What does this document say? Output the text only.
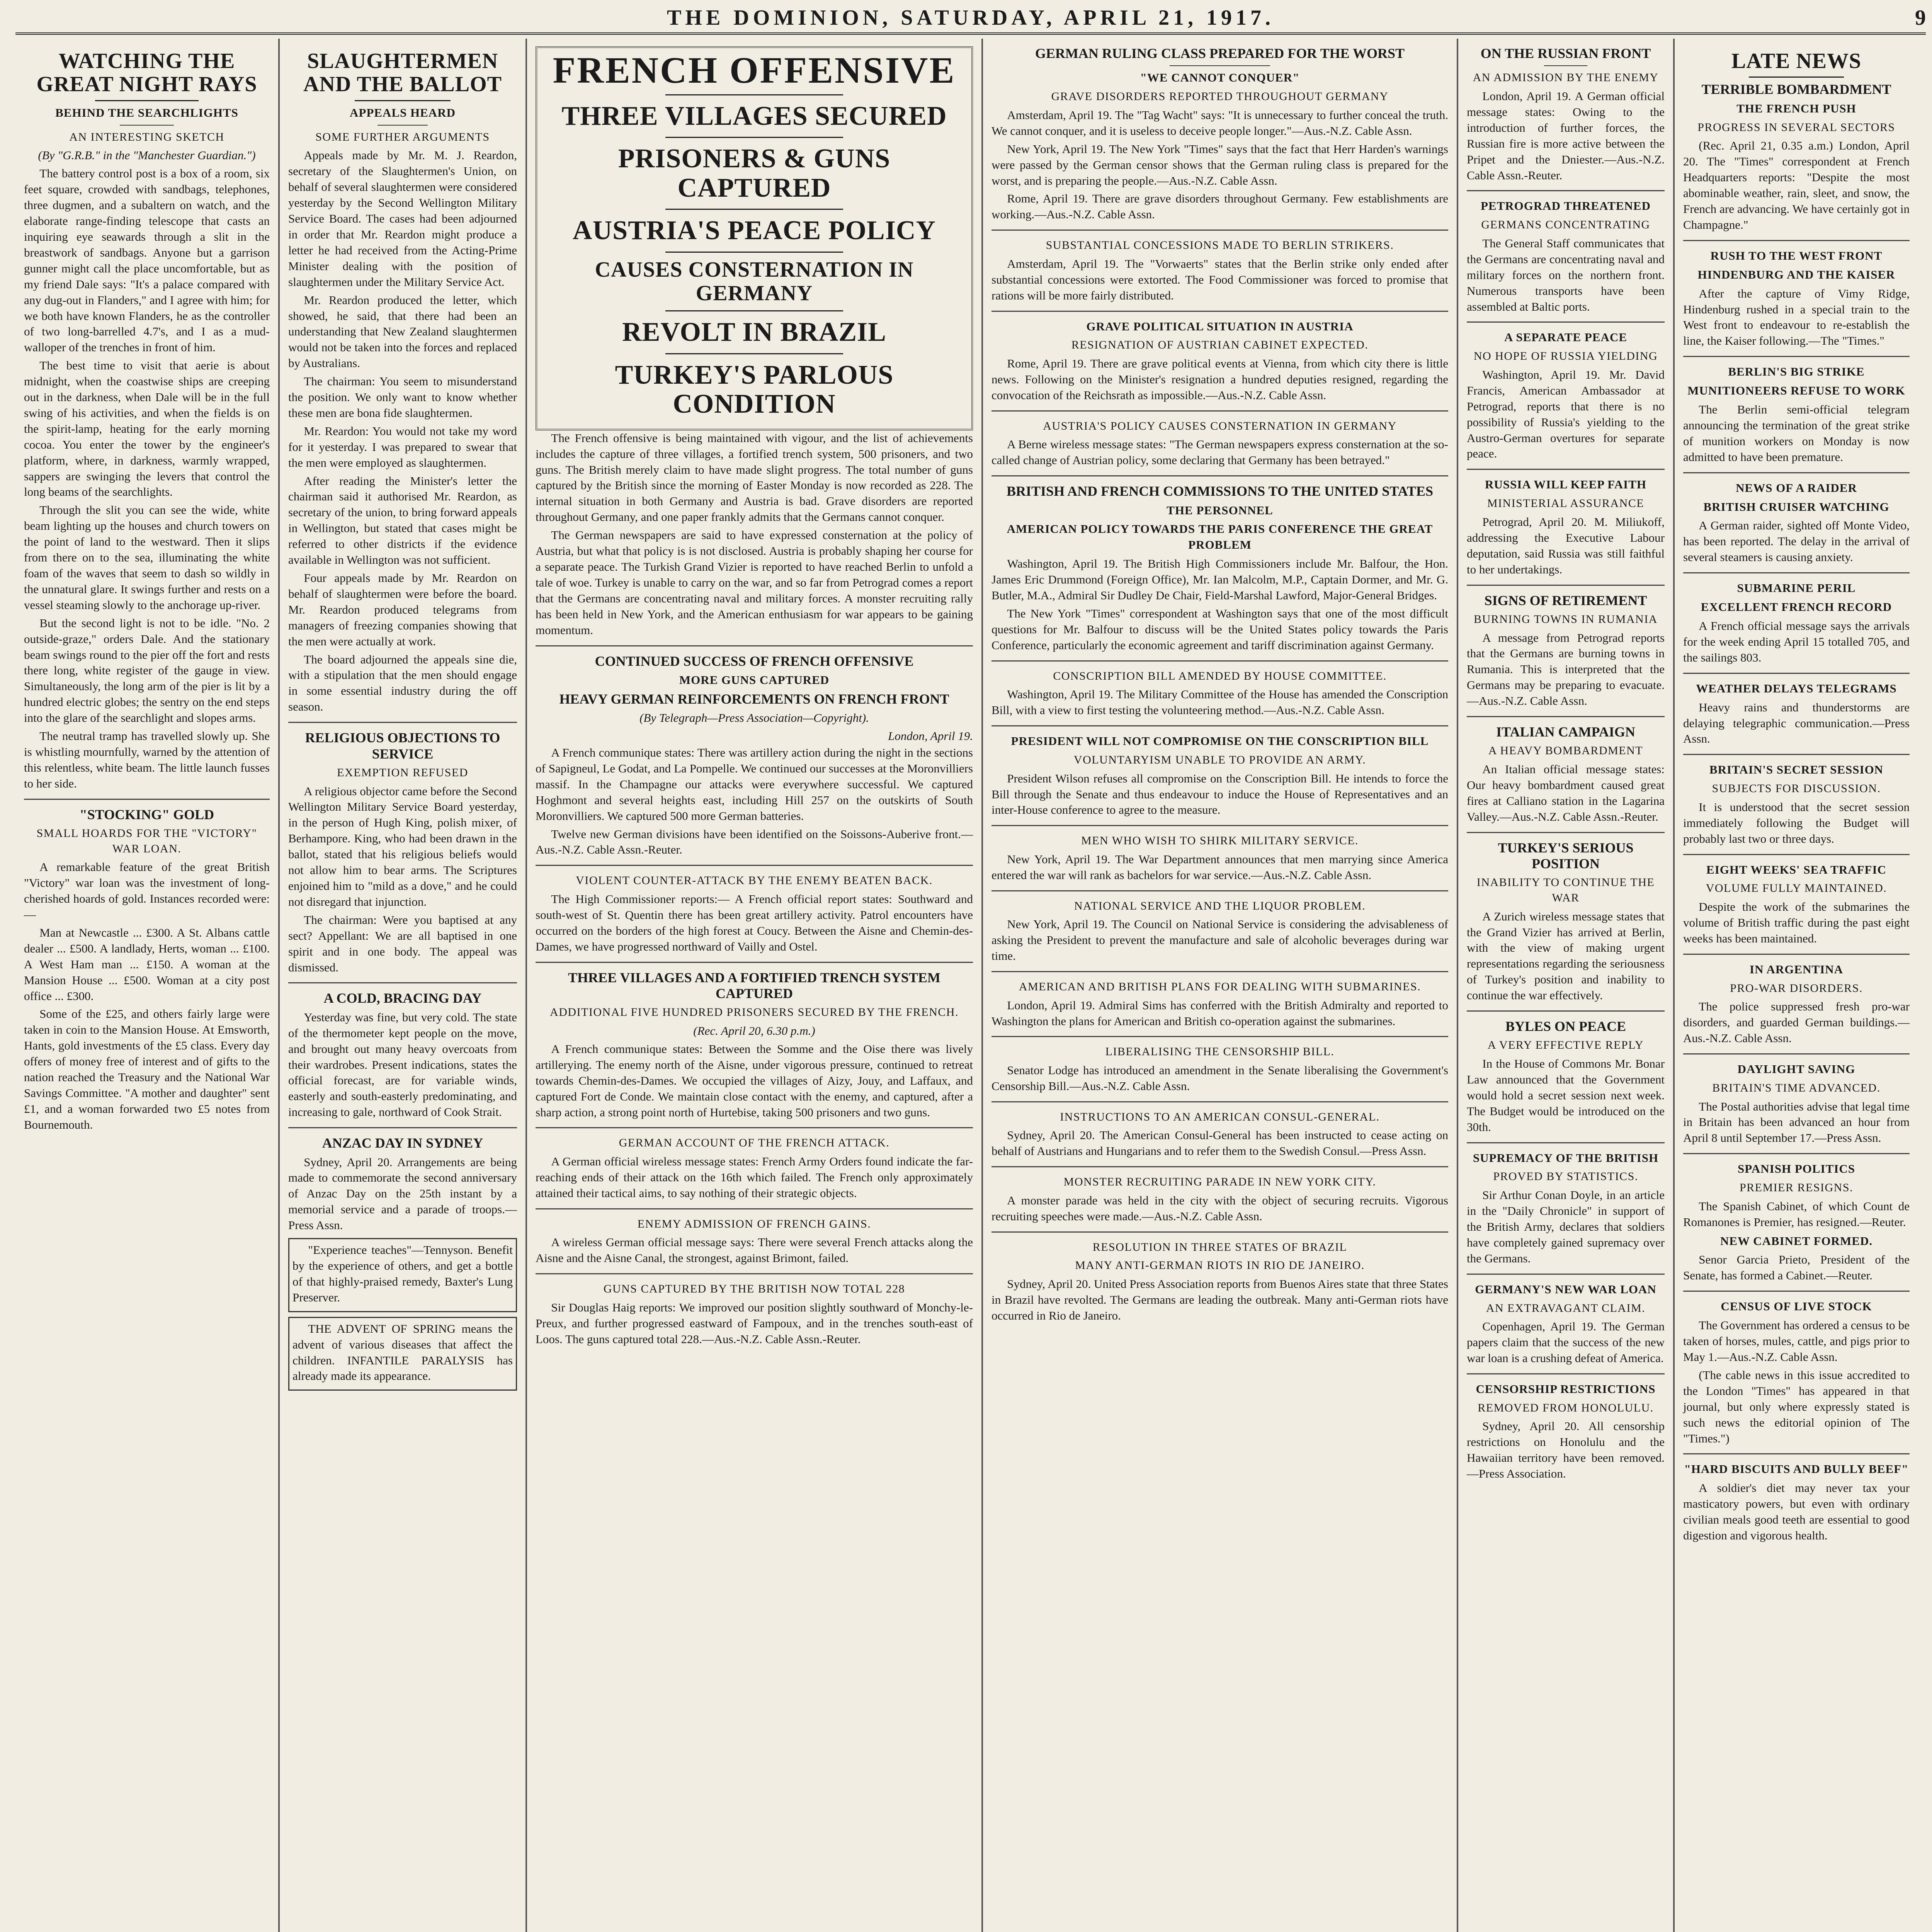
THE DOMINION, SATURDAY, APRIL 21, 1917.	9
WATCHING THE GREAT NIGHT RAYS
BEHIND THE SEARCHLIGHTS
AN INTERESTING SKETCH

(By "G.R.B." in the "Manchester Guardian.")

The battery control post is a box of a room, six feet square, crowded with sandbags, telephones, three dugmen, and a subaltern on watch, and the elaborate range-finding telescope that casts an inquiring eye seawards through a slit in the breastwork of sandbags. Anyone but a garrison gunner might call the place uncomfortable, but as my friend Dale says: "It's a palace compared with any dug-out in Flanders," and I agree with him; for we both have known Flanders, he as the controller of two long-barrelled 4.7's, and I as a mud-walloper of the trenches in front of him.

The best time to visit that aerie is about midnight, when the coastwise ships are creeping out in the darkness, when Dale will be in the full swing of his activities, and when the fields is on the spirit-lamp, heating for the early morning cocoa. You enter the tower by the engineer's platform, where, in darkness, warmly wrapped, sappers are swinging the levers that control the long beams of the searchlights.

Through the slit you can see the wide, white beam lighting up the houses and church towers on the point of land to the westward. Then it slips from there on to the sea, illuminating the white foam of the waves that seem to dash so wildly in the unnatural glare. It swings further and rests on a vessel steaming slowly to the anchorage up-river.

But the second light is not to be idle. "No. 2 outside-graze," orders Dale. And the stationary beam swings round to the pier off the fort and rests there long, white register of the gauge in view. Simultaneously, the long arm of the pier is lit by a hundred electric globes; the sentry on the end steps into the glare of the searchlight and slopes arms.

The neutral tramp has travelled slowly up. She is whistling mournfully, warned by the attention of this relentless, white beam. The little launch fusses to her side.

"STOCKING" GOLD
SMALL HOARDS FOR THE "VICTORY" WAR LOAN.

A remarkable feature of the great British "Victory" war loan was the investment of long-cherished hoards of gold. Instances recorded were:—

Man at Newcastle ... £300. A St. Albans cattle dealer ... £500. A landlady, Herts, woman ... £100. A West Ham man ... £150. A woman at the Mansion House ... £500. Woman at a city post office ... £300.

Some of the £25, and others fairly large were taken in coin to the Mansion House. At Emsworth, Hants, gold investments of the £5 class. Every day offers of money free of interest and of gifts to the nation reached the Treasury and the National War Savings Committee. "A mother and daughter" sent £1, and a woman forwarded two £5 notes from Bournemouth.

SLAUGHTERMEN AND THE BALLOT
APPEALS HEARD
SOME FURTHER ARGUMENTS

Appeals made by Mr. M. J. Reardon, secretary of the Slaughtermen's Union, on behalf of several slaughtermen were considered yesterday by the Second Wellington Military Service Board. The cases had been adjourned in order that Mr. Reardon might produce a letter he had received from the Acting-Prime Minister dealing with the position of slaughtermen under the Military Service Act.

Mr. Reardon produced the letter, which showed, he said, that there had been an understanding that New Zealand slaughtermen would not be taken into the forces and replaced by Australians.

The chairman: You seem to misunderstand the position. We only want to know whether these men are bona fide slaughtermen.

Mr. Reardon: You would not take my word for it yesterday. I was prepared to swear that the men were employed as slaughtermen.

After reading the Minister's letter the chairman said it authorised Mr. Reardon, as secretary of the union, to bring forward appeals in Wellington, but stated that cases might be referred to other districts if the evidence available in Wellington was not sufficient.

Four appeals made by Mr. Reardon on behalf of slaughtermen were before the board. Mr. Reardon produced telegrams from managers of freezing companies showing that the men were actually at work.

The board adjourned the appeals sine die, with a stipulation that the men should engage in some essential industry during the off season.

RELIGIOUS OBJECTIONS TO SERVICE
EXEMPTION REFUSED

A religious objector came before the Second Wellington Military Service Board yesterday, in the person of Hugh King, polish mixer, of Berhampore. King, who had been drawn in the ballot, stated that his religious beliefs would not allow him to bear arms. The Scriptures enjoined him to "mild as a dove," and he could not disregard that injunction.

The chairman: Were you baptised at any sect? Appellant: We are all baptised in one spirit and in one body. The appeal was dismissed.

A COLD, BRACING DAY

Yesterday was fine, but very cold. The state of the thermometer kept people on the move, and brought out many heavy overcoats from their wardrobes. Present indications, states the official forecast, are for variable winds, easterly and south-easterly predominating, and increasing to gale, northward of Cook Strait.

ANZAC DAY IN SYDNEY

Sydney, April 20. Arrangements are being made to commemorate the second anniversary of Anzac Day on the 25th instant by a memorial service and a parade of troops.—Press Assn.

"Experience teaches"—Tennyson. Benefit by the experience of others, and get a bottle of that highly-praised remedy, Baxter's Lung Preserver.

THE ADVENT OF SPRING means the advent of various diseases that affect the children. INFANTILE PARALYSIS has already made its appearance.

FRENCH OFFENSIVE
THREE VILLAGES SECURED
PRISONERS & GUNS CAPTURED
AUSTRIA'S PEACE POLICY
CAUSES CONSTERNATION IN GERMANY
REVOLT IN BRAZIL
TURKEY'S PARLOUS CONDITION

The French offensive is being maintained with vigour, and the list of achievements includes the capture of three villages, a fortified trench system, 500 prisoners, and two guns. The British merely claim to have made slight progress. The total number of guns captured by the British since the morning of Easter Monday is now recorded as 228. The internal situation in both Germany and Austria is bad. Grave disorders are reported throughout Germany, and one paper frankly admits that the Germans cannot conquer.

The German newspapers are said to have expressed consternation at the policy of Austria, but what that policy is is not disclosed. Austria is probably shaping her course for a separate peace. The Turkish Grand Vizier is reported to have reached Berlin to unfold a tale of woe. Turkey is unable to carry on the war, and so far from Petrograd comes a report that the Germans are concentrating naval and military forces. A monster recruiting rally has been held in New York, and the American enthusiasm for war appears to be gaining momentum.

CONTINUED SUCCESS OF FRENCH OFFENSIVE
MORE GUNS CAPTURED
HEAVY GERMAN REINFORCEMENTS ON FRENCH FRONT

(By Telegraph—Press Association—Copyright).

London, April 19.

A French communique states: There was artillery action during the night in the sections of Sapigneul, Le Godat, and La Pompelle. We continued our successes at the Moronvilliers massif. In the Champagne our attacks were everywhere successful. We captured Hoghmont and several heights east, including Hill 257 on the outskirts of South Moronvilliers. We captured 500 more German batteries.

Twelve new German divisions have been identified on the Soissons-Auberive front.—Aus.-N.Z. Cable Assn.-Reuter.

VIOLENT COUNTER-ATTACK BY THE ENEMY BEATEN BACK.

The High Commissioner reports:— A French official report states: Southward and south-west of St. Quentin there has been great artillery activity. Patrol encounters have occurred on the borders of the high forest at Coucy. Between the Aisne and Chemin-des-Dames, we have progressed northward of Vailly and Ostel.

THREE VILLAGES AND A FORTIFIED TRENCH SYSTEM CAPTURED
ADDITIONAL FIVE HUNDRED PRISONERS SECURED BY THE FRENCH.

(Rec. April 20, 6.30 p.m.)

A French communique states: Between the Somme and the Oise there was lively artillerying. The enemy north of the Aisne, under vigorous pressure, continued to retreat towards Chemin-des-Dames. We occupied the villages of Aizy, Jouy, and Laffaux, and captured Fort de Conde. We maintain close contact with the enemy, and captured, after a sharp action, a strong point north of Hurtebise, taking 500 prisoners and two guns.

GERMAN ACCOUNT OF THE FRENCH ATTACK.

A German official wireless message states: French Army Orders found indicate the far-reaching ends of their attack on the 16th which failed. The French only approximately attained their tactical aims, to say nothing of their strategic objects.

ENEMY ADMISSION OF FRENCH GAINS.

A wireless German official message says: There were several French attacks along the Aisne and the Aisne Canal, the strongest, against Brimont, failed.

GUNS CAPTURED BY THE BRITISH NOW TOTAL 228

Sir Douglas Haig reports: We improved our position slightly southward of Monchy-le-Preux, and further progressed eastward of Fampoux, and in the trenches south-east of Loos. The guns captured total 228.—Aus.-N.Z. Cable Assn.-Reuter.

GERMAN RULING CLASS PREPARED FOR THE WORST
"WE CANNOT CONQUER"
GRAVE DISORDERS REPORTED THROUGHOUT GERMANY

Amsterdam, April 19. The "Tag Wacht" says: "It is unnecessary to further conceal the truth. We cannot conquer, and it is useless to deceive people longer."—Aus.-N.Z. Cable Assn.

New York, April 19. The New York "Times" says that the fact that Herr Harden's warnings were passed by the German censor shows that the German ruling class is prepared for the worst, and is preparing the people.—Aus.-N.Z. Cable Assn.

Rome, April 19. There are grave disorders throughout Germany. Few establishments are working.—Aus.-N.Z. Cable Assn.

SUBSTANTIAL CONCESSIONS MADE TO BERLIN STRIKERS.

Amsterdam, April 19. The "Vorwaerts" states that the Berlin strike only ended after substantial concessions were extorted. The Food Commissioner was forced to promise that rations will be more fairly distributed.

GRAVE POLITICAL SITUATION IN AUSTRIA
RESIGNATION OF AUSTRIAN CABINET EXPECTED.

Rome, April 19. There are grave political events at Vienna, from which city there is little news. Following on the Minister's resignation a hundred deputies resigned, regarding the convocation of the Reichsrath as impossible.—Aus.-N.Z. Cable Assn.

AUSTRIA'S POLICY CAUSES CONSTERNATION IN GERMANY

A Berne wireless message states: "The German newspapers express consternation at the so-called change of Austrian policy, some declaring that Germany has been betrayed."

BRITISH AND FRENCH COMMISSIONS TO THE UNITED STATES
THE PERSONNEL
AMERICAN POLICY TOWARDS THE PARIS CONFERENCE THE GREAT PROBLEM

Washington, April 19. The British High Commissioners include Mr. Balfour, the Hon. James Eric Drummond (Foreign Office), Mr. Ian Malcolm, M.P., Captain Dormer, and Mr. G. Butler, M.A., Admiral Sir Dudley De Chair, Field-Marshal Lawford, Major-General Bridges.

The New York "Times" correspondent at Washington says that one of the most difficult questions for Mr. Balfour to discuss will be the United States policy towards the Paris Conference, particularly the economic agreement and tariff discrimination against Germany.

CONSCRIPTION BILL AMENDED BY HOUSE COMMITTEE.

Washington, April 19. The Military Committee of the House has amended the Conscription Bill, with a view to first testing the volunteering method.—Aus.-N.Z. Cable Assn.

PRESIDENT WILL NOT COMPROMISE ON THE CONSCRIPTION BILL
VOLUNTARYISM UNABLE TO PROVIDE AN ARMY.

President Wilson refuses all compromise on the Conscription Bill. He intends to force the Bill through the Senate and thus endeavour to induce the House of Representatives and an inter-House conference to agree to the measure.

MEN WHO WISH TO SHIRK MILITARY SERVICE.

New York, April 19. The War Department announces that men marrying since America entered the war will rank as bachelors for war service.—Aus.-N.Z. Cable Assn.

NATIONAL SERVICE AND THE LIQUOR PROBLEM.

New York, April 19. The Council on National Service is considering the advisableness of asking the President to prevent the manufacture and sale of alcoholic beverages during war time.

AMERICAN AND BRITISH PLANS FOR DEALING WITH SUBMARINES.

London, April 19. Admiral Sims has conferred with the British Admiralty and reported to Washington the plans for American and British co-operation against the submarines.

LIBERALISING THE CENSORSHIP BILL.

Senator Lodge has introduced an amendment in the Senate liberalising the Government's Censorship Bill.—Aus.-N.Z. Cable Assn.

INSTRUCTIONS TO AN AMERICAN CONSUL-GENERAL.

Sydney, April 20. The American Consul-General has been instructed to cease acting on behalf of Austrians and Hungarians and to refer them to the Swedish Consul.—Press Assn.

MONSTER RECRUITING PARADE IN NEW YORK CITY.

A monster parade was held in the city with the object of securing recruits. Vigorous recruiting speeches were made.—Aus.-N.Z. Cable Assn.

RESOLUTION IN THREE STATES OF BRAZIL
MANY ANTI-GERMAN RIOTS IN RIO DE JANEIRO.

Sydney, April 20. United Press Association reports from Buenos Aires state that three States in Brazil have revolted. The Germans are leading the outbreak. Many anti-German riots have occurred in Rio de Janeiro.

ON THE RUSSIAN FRONT
AN ADMISSION BY THE ENEMY

London, April 19. A German official message states: Owing to the introduction of further forces, the Russian fire is more active between the Pripet and the Dniester.—Aus.-N.Z. Cable Assn.-Reuter.

PETROGRAD THREATENED
GERMANS CONCENTRATING

The General Staff communicates that the Germans are concentrating naval and military forces on the northern front. Numerous transports have been assembled at Baltic ports.

A SEPARATE PEACE
NO HOPE OF RUSSIA YIELDING

Washington, April 19. Mr. David Francis, American Ambassador at Petrograd, reports that there is no possibility of Russia's yielding to the Austro-German overtures for separate peace.

RUSSIA WILL KEEP FAITH
MINISTERIAL ASSURANCE

Petrograd, April 20. M. Miliukoff, addressing the Executive Labour deputation, said Russia was still faithful to her undertakings.

SIGNS OF RETIREMENT
BURNING TOWNS IN RUMANIA

A message from Petrograd reports that the Germans are burning towns in Rumania. This is interpreted that the Germans may be preparing to evacuate.—Aus.-N.Z. Cable Assn.

ITALIAN CAMPAIGN
A HEAVY BOMBARDMENT

An Italian official message states: Our heavy bombardment caused great fires at Calliano station in the Lagarina Valley.—Aus.-N.Z. Cable Assn.-Reuter.

TURKEY'S SERIOUS POSITION
INABILITY TO CONTINUE THE WAR

A Zurich wireless message states that the Grand Vizier has arrived at Berlin, with the view of making urgent representations regarding the seriousness of Turkey's position and inability to continue the war effectively.

BYLES ON PEACE
A VERY EFFECTIVE REPLY

In the House of Commons Mr. Bonar Law announced that the Government would hold a secret session next week. The Budget would be introduced on the 30th.

SUPREMACY OF THE BRITISH
PROVED BY STATISTICS.

Sir Arthur Conan Doyle, in an article in the "Daily Chronicle" in support of the British Army, declares that soldiers have completely gained supremacy over the Germans.

GERMANY'S NEW WAR LOAN
AN EXTRAVAGANT CLAIM.

Copenhagen, April 19. The German papers claim that the success of the new war loan is a crushing defeat of America.

CENSORSHIP RESTRICTIONS
REMOVED FROM HONOLULU.

Sydney, April 20. All censorship restrictions on Honolulu and the Hawaiian territory have been removed.—Press Association.

LATE NEWS
TERRIBLE BOMBARDMENT
THE FRENCH PUSH
PROGRESS IN SEVERAL SECTORS

(Rec. April 21, 0.35 a.m.) London, April 20. The "Times" correspondent at French Headquarters reports: "Despite the most abominable weather, rain, sleet, and snow, the French are advancing. We have certainly got in Champagne."

RUSH TO THE WEST FRONT
HINDENBURG AND THE KAISER

After the capture of Vimy Ridge, Hindenburg rushed in a special train to the West front to endeavour to re-establish the line, the Kaiser following.—The "Times."

BERLIN'S BIG STRIKE
MUNITIONEERS REFUSE TO WORK

The Berlin semi-official telegram announcing the termination of the great strike of munition workers on Monday is now admitted to have been premature.

NEWS OF A RAIDER
BRITISH CRUISER WATCHING

A German raider, sighted off Monte Video, has been reported. The delay in the arrival of several steamers is causing anxiety.

SUBMARINE PERIL
EXCELLENT FRENCH RECORD

A French official message says the arrivals for the week ending April 15 totalled 705, and the sailings 803.

WEATHER DELAYS TELEGRAMS

Heavy rains and thunderstorms are delaying telegraphic communication.—Press Assn.

BRITAIN'S SECRET SESSION
SUBJECTS FOR DISCUSSION.

It is understood that the secret session immediately following the Budget will probably last two or three days.

EIGHT WEEKS' SEA TRAFFIC
VOLUME FULLY MAINTAINED.

Despite the work of the submarines the volume of British traffic during the past eight weeks has been maintained.

IN ARGENTINA
PRO-WAR DISORDERS.

The police suppressed fresh pro-war disorders, and guarded German buildings.—Aus.-N.Z. Cable Assn.

DAYLIGHT SAVING
BRITAIN'S TIME ADVANCED.

The Postal authorities advise that legal time in Britain has been advanced an hour from April 8 until September 17.—Press Assn.

SPANISH POLITICS
PREMIER RESIGNS.

The Spanish Cabinet, of which Count de Romanones is Premier, has resigned.—Reuter.

NEW CABINET FORMED.

Senor Garcia Prieto, President of the Senate, has formed a Cabinet.—Reuter.

CENSUS OF LIVE STOCK

The Government has ordered a census to be taken of horses, mules, cattle, and pigs prior to May 1.—Aus.-N.Z. Cable Assn.

(The cable news in this issue accredited to the London "Times" has appeared in that journal, but only where expressly stated is such news the editorial opinion of The "Times.")

"HARD BISCUITS AND BULLY BEEF"

A soldier's diet may never tax your masticatory powers, but even with ordinary civilian meals good teeth are essential to good digestion and vigorous health.
